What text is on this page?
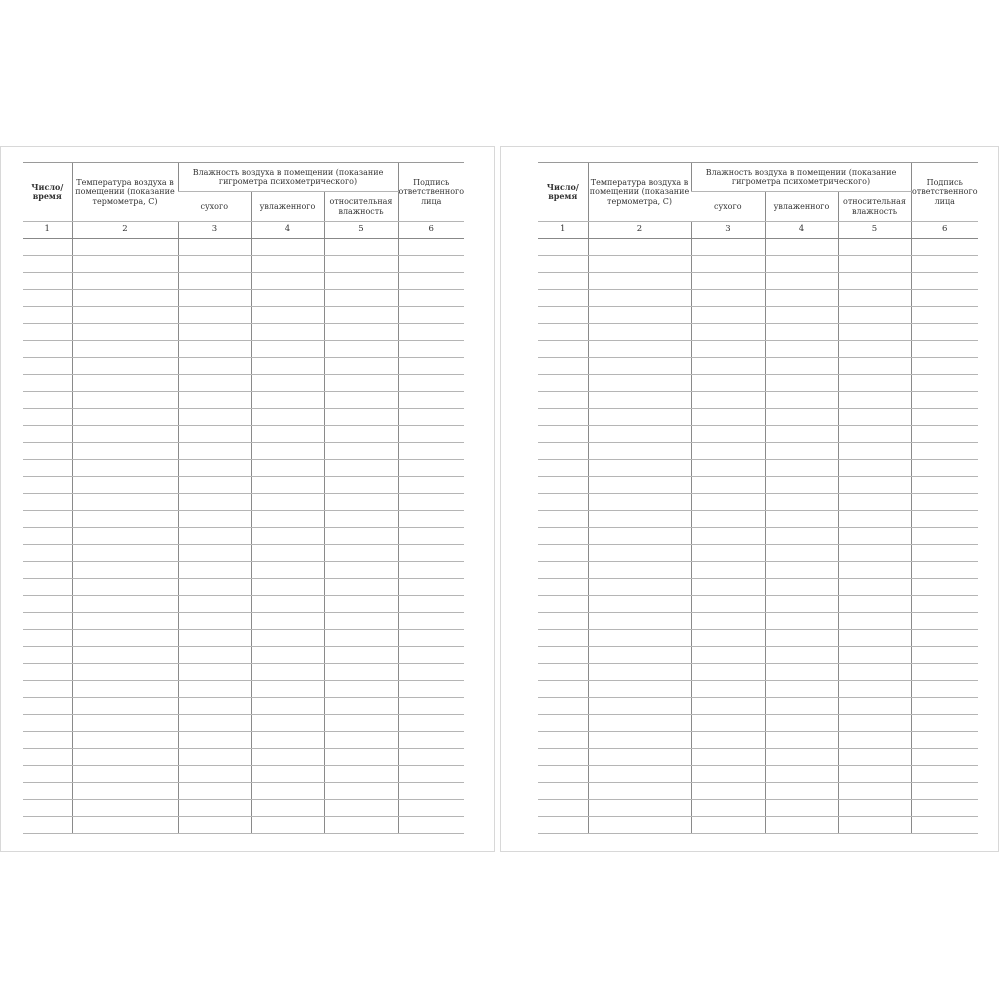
Число/ время	Температура воздуха в помещении (показание термометра, С)	Влажность воздуха в помещении (показание гигрометра психометрического)			Подпись ответственного лица
		сухого	увлаженного	относительная влажность	
1	2	3	4	5	6

Число/ время	Температура воздуха в помещении (показание термометра, С)	Влажность воздуха в помещении (показание гигрометра психометрического)			Подпись ответственного лица
		сухого	увлаженного	относительная влажность	
1	2	3	4	5	6
